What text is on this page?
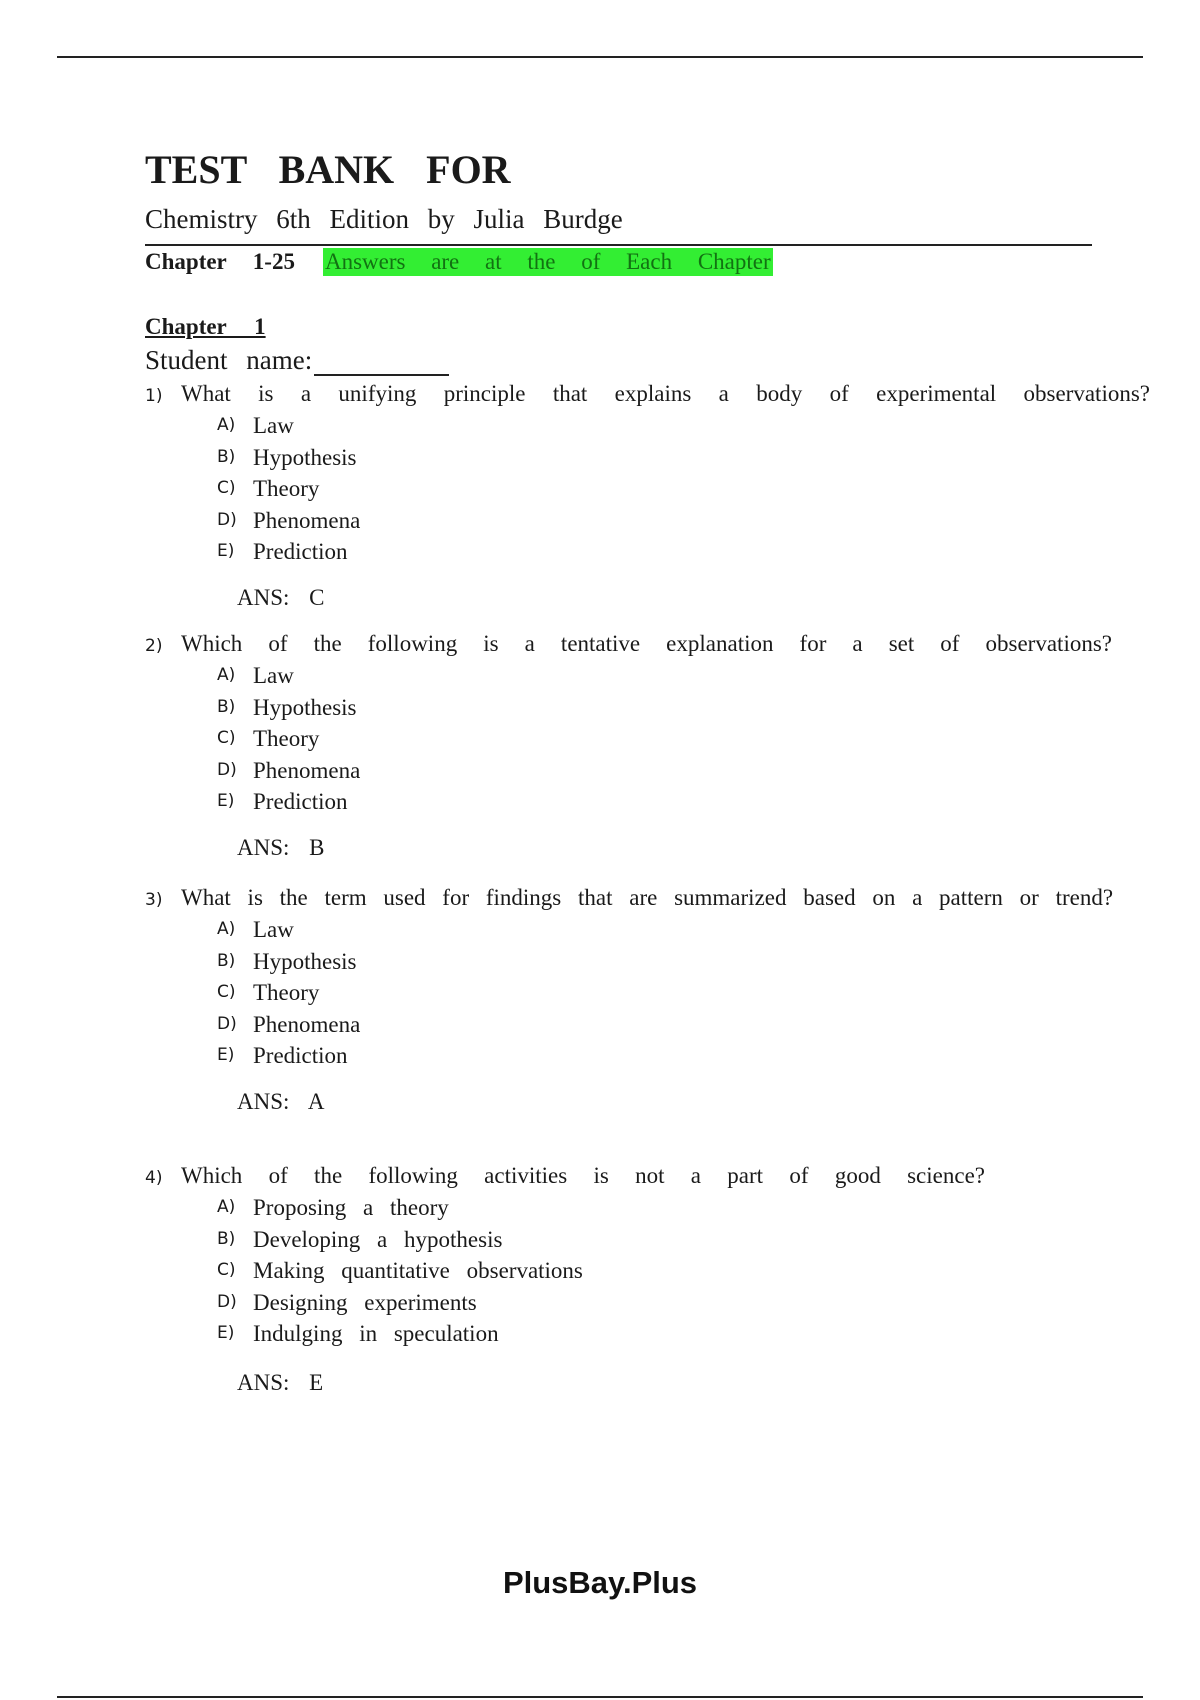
TEST BANK FOR
Chemistry 6th Edition by Julia Burdge
Chapter 1-25 Answers are at the of Each Chapter
Chapter 1
Student name:
1) What is a unifying principle that explains a body of experimental observations?
A) Law
B) Hypothesis
C) Theory
D) Phenomena
E) Prediction
ANS: C
2) Which of the following is a tentative explanation for a set of observations?
A) Law
B) Hypothesis
C) Theory
D) Phenomena
E) Prediction
ANS: B
3) What is the term used for findings that are summarized based on a pattern or trend?
A) Law
B) Hypothesis
C) Theory
D) Phenomena
E) Prediction
ANS: A
4) Which of the following activities is not a part of good science?
A) Proposing a theory
B) Developing a hypothesis
C) Making quantitative observations
D) Designing experiments
E) Indulging in speculation
ANS: E
PlusBay.Plus
